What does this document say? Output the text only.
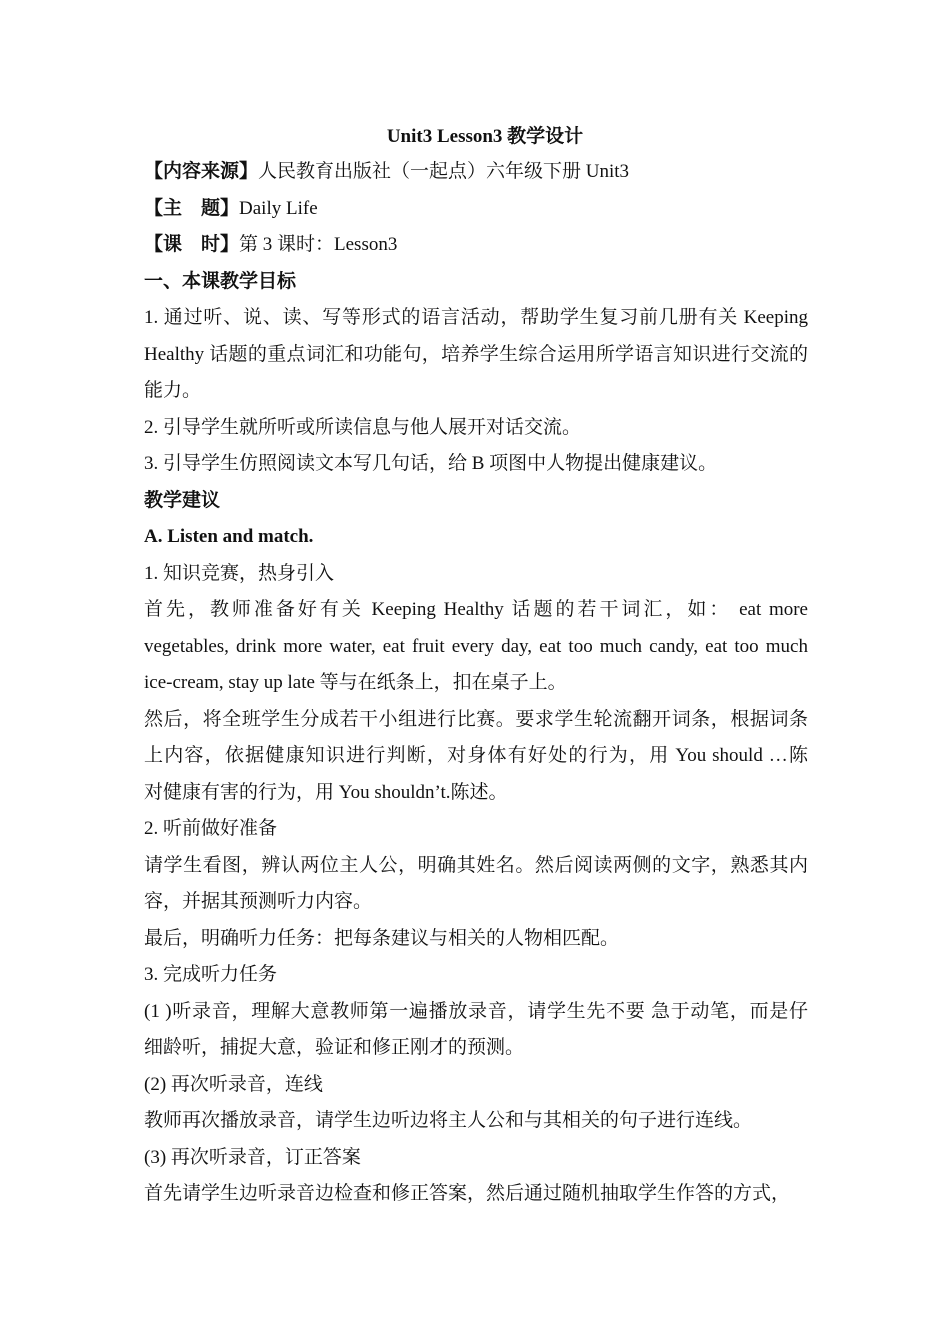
Unit3 Lesson3 教学设计
【内容来源】人民教育出版社（一起点）六年级下册 Unit3
【主　题】Daily Life
【课　时】第 3 课时：Lesson3
一、本课教学目标
1. 通过听、说、读、写等形式的语言活动，帮助学生复习前几册有关 Keeping
Healthy 话题的重点词汇和功能句，培养学生综合运用所学语言知识进行交流的
能力。
2. 引导学生就所听或所读信息与他人展开对话交流。
3. 引导学生仿照阅读文本写几句话，给 B 项图中人物提出健康建议。
教学建议
A. Listen and match.
1. 知识竞赛，热身引入
首先，教师准备好有关 Keeping Healthy 话题的若干词汇，如： eat more
vegetables, drink more water, eat fruit every day, eat too much candy, eat too much
ice-cream, stay up late 等与在纸条上，扣在桌子上。
然后，将全班学生分成若干小组进行比赛。要求学生轮流翻开词条，根据词条
上内容，依据健康知识进行判断，对身体有好处的行为，用 You should …陈
对健康有害的行为，用 You shouldn’t.陈述。
2. 听前做好准备
请学生看图，辨认两位主人公，明确其姓名。然后阅读两侧的文字，熟悉其内
容，并据其预测听力内容。
最后，明确听力任务：把每条建议与相关的人物相匹配。
3. 完成听力任务
(1 )听录音，理解大意教师第一遍播放录音，请学生先不要 急于动笔，而是仔
细龄听，捕捉大意，验证和修正刚才的预测。
(2) 再次听录音，连线
教师再次播放录音，请学生边听边将主人公和与其相关的句子进行连线。
(3) 再次听录音，订正答案
首先请学生边听录音边检查和修正答案，然后通过随机抽取学生作答的方式，
